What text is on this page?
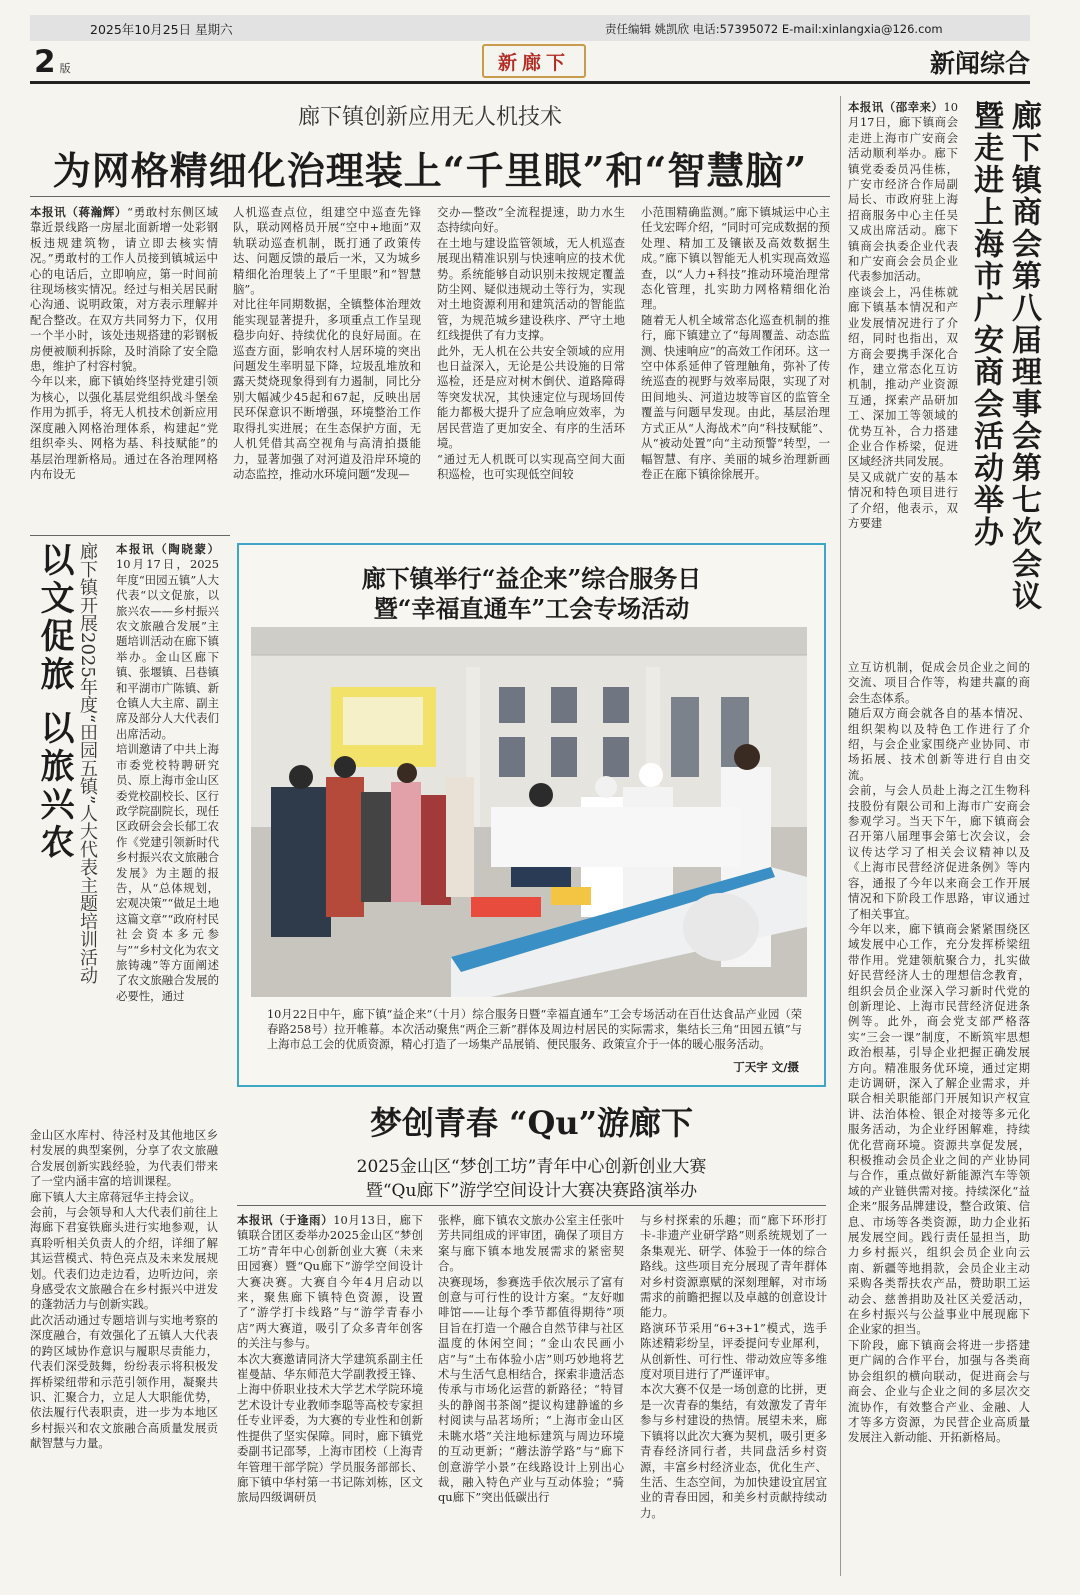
2025年10月25日 星期六	责任编辑 姚凯欣 电话:57395072 E-mail:xinlangxia@126.com
2 版	新廊下	新闻综合
廊下镇创新应用无人机技术
为网格精细化治理装上“千里眼”和“智慧脑”
本报讯（蒋瀚辉）“勇敢村东侧区域靠近景线路一房屋北面新增一处彩钢板违规建筑物，请立即去核实情况。”勇敢村的工作人员接到镇城运中心的电话后，立即响应，第一时间前往现场核实情况。经过与相关居民耐心沟通、说明政策，对方表示理解并配合整改。在双方共同努力下，仅用一个半小时，该处违规搭建的彩钢板房便被顺利拆除，及时消除了安全隐患，维护了村容村貌。
今年以来，廊下镇始终坚持党建引领为核心，以强化基层党组织战斗堡垒作用为抓手，将无人机技术创新应用深度融入网格治理体系，构建起“党组织牵头、网格为基、科技赋能”的基层治理新格局。通过在各治理网格内布设无
人机巡查点位，组建空中巡查先锋队，联动网格员开展“空中+地面”双轨联动巡查机制，既打通了政策传达、问题反馈的最后一米，又为城乡精细化治理装上了“千里眼”和“智慧脑”。
对比往年同期数据，全镇整体治理效能实现显著提升，多项重点工作呈现稳步向好、持续优化的良好局面。在巡查方面，影响农村人居环境的突出问题发生率明显下降，垃圾乱堆放和露天焚烧现象得到有力遏制，同比分别大幅减少45起和67起，反映出居民环保意识不断增强，环境整治工作取得扎实进展；在生态保护方面，无人机凭借其高空视角与高清拍摄能力，显著加强了对河道及沿岸环境的动态监控，推动水环境问题“发现—
交办—整改”全流程提速，助力水生态持续向好。
在土地与建设监管领域，无人机巡查展现出精准识别与快速响应的技术优势。系统能够自动识别未按规定覆盖防尘网、疑似违规动土等行为，实现对土地资源利用和建筑活动的智能监管，为规范城乡建设秩序、严守土地红线提供了有力支撑。
此外，无人机在公共安全领域的应用也日益深入，无论是公共设施的日常巡检，还是应对树木倒伏、道路障碍等突发状况，其快速定位与现场回传能力都极大提升了应急响应效率，为居民营造了更加安全、有序的生活环境。
“通过无人机既可以实现高空间大面积巡检，也可实现低空间较
小范围精确监测。”廊下镇城运中心主任戈宏晖介绍，“同时可完成数据的预处理、精加工及镶嵌及高效数据生成。”廊下镇以智能无人机实现高效巡查，以“人力+科技”推动环境治理常态化管理，扎实助力网格精细化治理。
随着无人机全域常态化巡查机制的推行，廊下镇建立了“每周覆盖、动态监测、快速响应”的高效工作闭环。这一空中体系延伸了管理触角，弥补了传统巡查的视野与效率局限，实现了对田间地头、河道边坡等盲区的监管全覆盖与问题早发现。由此，基层治理方式正从“人海战术”向“科技赋能”、从“被动处置”向“主动预警”转型，一幅智慧、有序、美丽的城乡治理新画卷正在廊下镇徐徐展开。	廊下镇商会第八届理事会第七次会议
暨走进上海市广安商会活动举办
本报讯（邵幸来）10月17日，廊下镇商会走进上海市广安商会活动顺利举办。廊下镇党委委员冯佳栋，广安市经济合作局副局长、市政府驻上海招商服务中心主任吴又成出席活动。廊下镇商会执委企业代表和广安商会会员企业代表参加活动。
座谈会上，冯佳栋就廊下镇基本情况和产业发展情况进行了介绍，同时也指出，双方商会要携手深化合作，建立常态化互访机制，推动产业资源互通，探索产品研加工、深加工等领域的优势互补，合力搭建企业合作桥梁，促进区域经济共同发展。
吴又成就广安的基本情况和特色项目进行了介绍，他表示，双方要建
立互访机制，促成会员企业之间的交流、项目合作等，构建共赢的商会生态体系。
随后双方商会就各自的基本情况、组织架构以及特色工作进行了介绍，与会企业家围绕产业协同、市场拓展、技术创新等进行自由交流。
会前，与会人员赴上海之江生物科技股份有限公司和上海市广安商会参观学习。当天下午，廊下镇商会召开第八届理事会第七次会议，会议传达学习了相关会议精神以及《上海市民营经济促进条例》等内容，通报了今年以来商会工作开展情况和下阶段工作思路，审议通过了相关事宜。
今年以来，廊下镇商会紧紧围绕区域发展中心工作，充分发挥桥梁纽带作用。党建领航聚合力，扎实做好民营经济人士的理想信念教育，组织会员企业深入学习新时代党的创新理论、上海市民营经济促进条例等。此外，商会党支部严格落实“三会一课”制度，不断筑牢思想政治根基，引导企业把握正确发展方向。精准服务优环境，通过定期走访调研，深入了解企业需求，并联合相关职能部门开展知识产权宣讲、法治体检、银企对接等多元化服务活动，为企业纾困解难，持续优化营商环境。资源共享促发展，积极推动会员企业之间的产业协同与合作，重点做好新能源汽车等领域的产业链供需对接。持续深化“益企来”服务品牌建设，整合政策、信息、市场等各类资源，助力企业拓展发展空间。践行责任显担当，助力乡村振兴，组织会员企业向云南、新疆等地捐款，会员企业主动采购各类帮扶农产品，赞助职工运动会、慈善捐助及社区关爱活动，在乡村振兴与公益事业中展现廊下企业家的担当。
下阶段，廊下镇商会将进一步搭建更广阔的合作平台，加强与各类商协会组织的横向联动，促进商会与商会、企业与企业之间的多层次交流协作，有效整合产业、金融、人才等多方资源，为民营企业高质量发展注入新动能、开拓新格局。
以文促旅 以旅兴农 廊下镇开展2025年度“田园五镇”人大代表主题培训活动 本报讯（陶晓蒙）10月17日，2025年度“田园五镇”人大代表“以文促旅，以旅兴农——乡村振兴农文旅融合发展”主题培训活动在廊下镇举办。金山区廊下镇、张堰镇、吕巷镇和平湖市广陈镇、新仓镇人大主席、副主席及部分人大代表们出席活动。
培训邀请了中共上海市委党校特聘研究员、原上海市金山区委党校副校长、区行政学院副院长，现任区政研会会长郁工农作《党建引领新时代乡村振兴农文旅融合发展》为主题的报告，从“总体规划，宏观决策”“做足土地这篇文章”“政府村民社会资本多元参与”“乡村文化为农文旅铸魂”等方面阐述了农文旅融合发展的必要性，通过
金山区水库村、待泾村及其他地区乡村发展的典型案例，分享了农文旅融合发展创新实践经验，为代表们带来了一堂内涵丰富的培训课程。
廊下镇人大主席蒋冠华主持会议。
会前，与会领导和人大代表们前往上海廊下君宴铁廊头进行实地参观，认真聆听相关负责人的介绍，详细了解其运营模式、特色亮点及未来发展规划。代表们边走边看，边听边问，亲身感受农文旅融合在乡村振兴中迸发的蓬勃活力与创新实践。
此次活动通过专题培训与实地考察的深度融合，有效强化了五镇人大代表的跨区域协作意识与履职尽责能力，代表们深受鼓舞，纷纷表示将积极发挥桥梁纽带和示范引领作用，凝聚共识、汇聚合力，立足人大职能优势，依法履行代表职责，进一步为本地区乡村振兴和农文旅融合高质量发展贡献智慧与力量。
廊下镇举行“益企来”综合服务日
暨“幸福直通车”工会专场活动
10月22日中午，廊下镇“益企来”（十月）综合服务日暨“幸福直通车”工会专场活动在百仕达食品产业园（荣春路258号）拉开帷幕。本次活动聚焦“两企三新”群体及周边村居民的实际需求，集结长三角“田园五镇”与上海市总工会的优质资源，精心打造了一场集产品展销、便民服务、政策宣介于一体的暖心服务活动。
丁天宇 文/摄
梦创青春 “Qu”游廊下
2025金山区“梦创工坊”青年中心创新创业大赛
暨“Qu廊下”游学空间设计大赛决赛路演举办
本报讯（于逢雨）10月13日，廊下镇联合团区委举办2025金山区“梦创工坊”青年中心创新创业大赛（未来田园赛）暨“Qu廊下”游学空间设计大赛决赛。大赛自今年4月启动以来，聚焦廊下镇特色资源，设置了“游学打卡线路”与“游学青春小店”两大赛道，吸引了众多青年创客的关注与参与。
本次大赛邀请同济大学建筑系副主任崔曼喆、华东师范大学副教授王锋、上海中侨职业技术大学艺术学院环境艺术设计专业教师李聪等高校专家担任专业评委，为大赛的专业性和创新性提供了坚实保障。同时，廊下镇党委副书记邵琴，上海市团校（上海青年管理干部学院）学员服务部部长、廊下镇中华村第一书记陈刘栋，区文旅局四级调研员
张桦，廊下镇农文旅办公室主任张叶芳共同组成的评审团，确保了项目方案与廊下镇本地发展需求的紧密契合。
决赛现场，参赛选手依次展示了富有创意与可行性的设计方案。“友好咖啡馆——让每个季节都值得期待”项目旨在打造一个融合自然节律与社区温度的休闲空间；“金山农民画小店”与“土布体验小店”则巧妙地将艺术与生活气息相结合，探索非遗活态传承与市场化运营的新路径；“特冒头的静阁书茶阁”提议构建静谧的乡村阅读与品茗场所；“上海市金山区未眺水塔”关注地标建筑与周边环境的互动更新；“蘑法游学路”与“廊下创意游学小景”在线路设计上别出心裁，融入特色产业与互动体验；“骑qu廊下”突出低碳出行
与乡村探索的乐趣；而“廊下环形打卡-非遗产业研学路”则系统规划了一条集观光、研学、体验于一体的综合路线。这些项目充分展现了青年群体对乡村资源禀赋的深刻理解，对市场需求的前瞻把握以及卓越的创意设计能力。
路演环节采用“6+3+1”模式，选手陈述精彩纷呈，评委提问专业犀利，从创新性、可行性、带动效应等多维度对项目进行了严谨评审。
本次大赛不仅是一场创意的比拼，更是一次青春的集结，有效激发了青年参与乡村建设的热情。展望未来，廊下镇将以此次大赛为契机，吸引更多青春经济同行者，共同盘活乡村资源，丰富乡村经济业态，优化生产、生活、生态空间，为加快建设宜居宜业的青春田园，和美乡村贡献持续动力。
